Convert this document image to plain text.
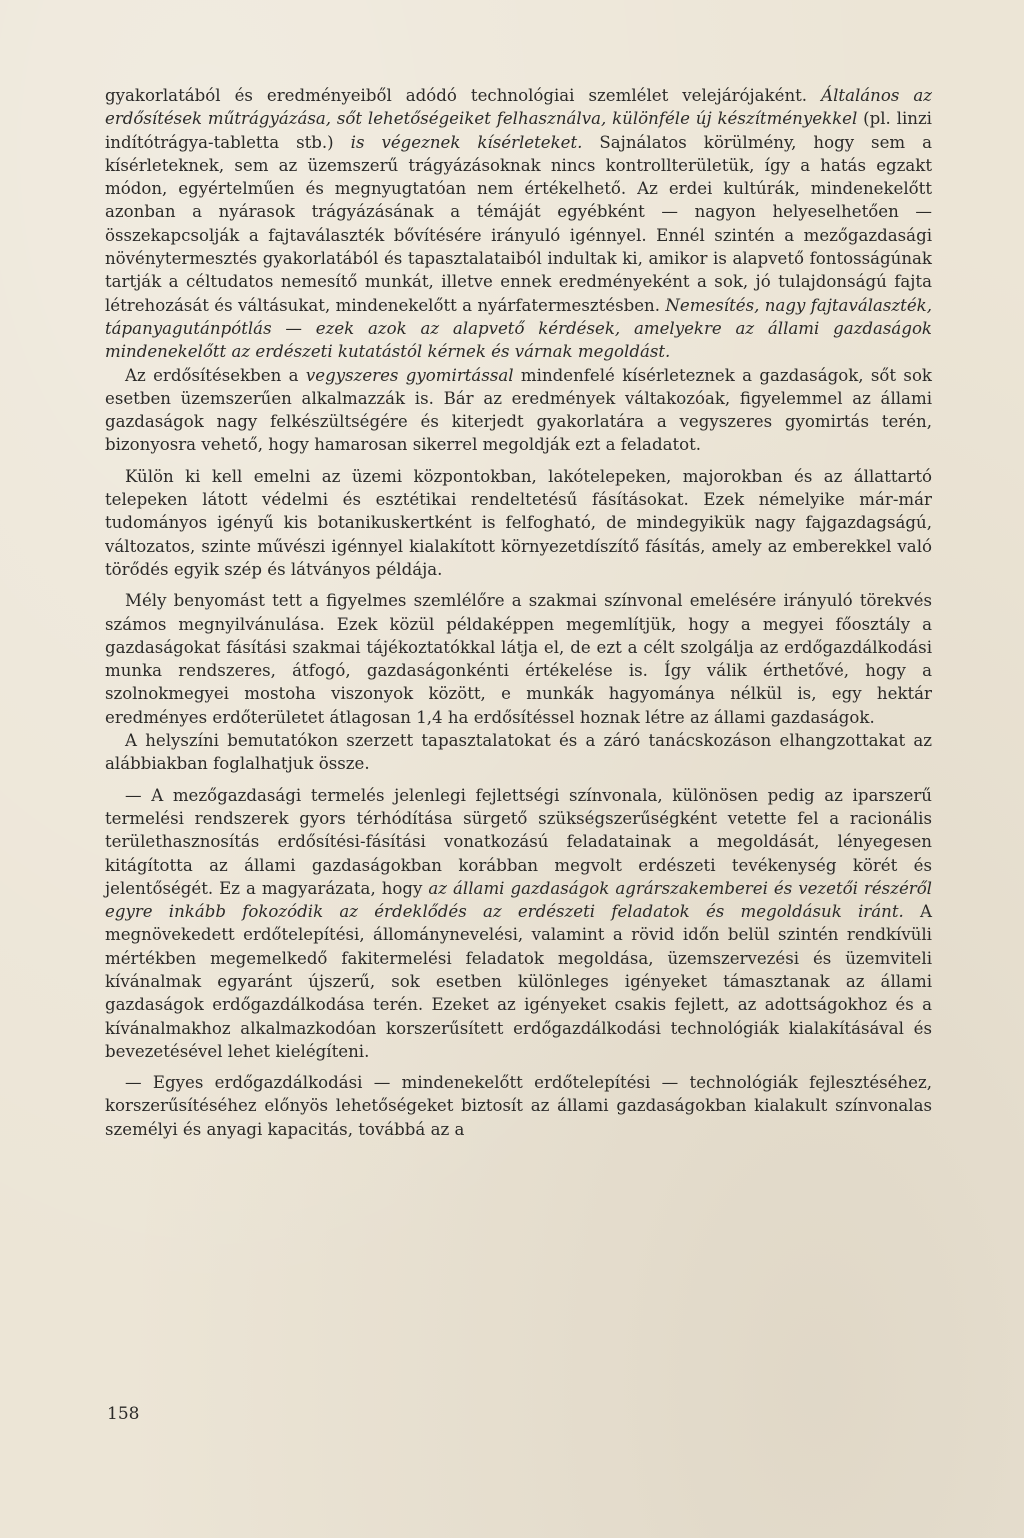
gyakorlatából és eredményeiből adódó technológiai szemlélet velejárójaként. Általános az erdősítések műtrágyázása, sőt lehetőségeiket felhasználva, különféle új készítményekkel (pl. linzi indítótrágya-tabletta stb.) is végeznek kísérleteket. Sajnálatos körülmény, hogy sem a kísérleteknek, sem az üzemszerű trágyázásoknak nincs kontrollterületük, így a hatás egzakt módon, egyértelműen és megnyugtatóan nem értékelhető. Az erdei kultúrák, mindenekelőtt azonban a nyárasok trágyázásának a témáját egyébként — nagyon helyeselhetően — összekapcsolják a fajtaválaszték bővítésére irányuló igénnyel. Ennél szintén a mezőgazdasági növénytermesztés gyakorlatából és tapasztalataiból indultak ki, amikor is alapvető fontosságúnak tartják a céltudatos nemesítő munkát, illetve ennek eredményeként a sok, jó tulajdonságú fajta létrehozását és váltásukat, mindenekelőtt a nyárfatermesztésben. Nemesítés, nagy fajtaválaszték, tápanyagutánpótlás — ezek azok az alapvető kérdések, amelyekre az állami gazdaságok mindenekelőtt az erdészeti kutatástól kérnek és várnak megoldást.

Az erdősítésekben a vegyszeres gyomirtással mindenfelé kísérleteznek a gazdaságok, sőt sok esetben üzemszerűen alkalmazzák is. Bár az eredmények váltakozóak, figyelemmel az állami gazdaságok nagy felkészültségére és kiterjedt gyakorlatára a vegyszeres gyomirtás terén, bizonyosra vehető, hogy hamarosan sikerrel megoldják ezt a feladatot.

Külön ki kell emelni az üzemi központokban, lakótelepeken, majorokban és az állattartó telepeken látott védelmi és esztétikai rendeltetésű fásításokat. Ezek némelyike már-már tudományos igényű kis botanikuskertként is felfogható, de mindegyikük nagy fajgazdagságú, változatos, szinte művészi igénnyel kialakított környezetdíszítő fásítás, amely az emberekkel való törődés egyik szép és látványos példája.

Mély benyomást tett a figyelmes szemlélőre a szakmai színvonal emelésére irányuló törekvés számos megnyilvánulása. Ezek közül példaképpen megemlítjük, hogy a megyei főosztály a gazdaságokat fásítási szakmai tájékoztatókkal látja el, de ezt a célt szolgálja az erdőgazdálkodási munka rendszeres, átfogó, gazdaságonkénti értékelése is. Így válik érthetővé, hogy a szolnokmegyei mostoha viszonyok között, e munkák hagyománya nélkül is, egy hektár eredményes erdőterületet átlagosan 1,4 ha erdősítéssel hoznak létre az állami gazdaságok.

A helyszíni bemutatókon szerzett tapasztalatokat és a záró tanácskozáson elhangzottakat az alábbiakban foglalhatjuk össze.

— A mezőgazdasági termelés jelenlegi fejlettségi színvonala, különösen pedig az iparszerű termelési rendszerek gyors térhódítása sürgető szükségszerűségként vetette fel a racionális területhasznosítás erdősítési-fásítási vonatkozású feladatainak a megoldását, lényegesen kitágította az állami gazdaságokban korábban megvolt erdészeti tevékenység körét és jelentőségét. Ez a magyarázata, hogy az állami gazdaságok agrárszakemberei és vezetői részéről egyre inkább fokozódik az érdeklődés az erdészeti feladatok és megoldásuk iránt. A megnövekedett erdőtelepítési, állománynevelési, valamint a rövid időn belül szintén rendkívüli mértékben megemelkedő fakitermelési feladatok megoldása, üzemszervezési és üzemviteli kívánalmak egyaránt újszerű, sok esetben különleges igényeket támasztanak az állami gazdaságok erdőgazdálkodása terén. Ezeket az igényeket csakis fejlett, az adottságokhoz és a kívánalmakhoz alkalmazkodóan korszerűsített erdőgazdálkodási technológiák kialakításával és bevezetésével lehet kielégíteni.

— Egyes erdőgazdálkodási — mindenekelőtt erdőtelepítési — technológiák fejlesztéséhez, korszerűsítéséhez előnyös lehetőségeket biztosít az állami gazdaságokban kialakult színvonalas személyi és anyagi kapacitás, továbbá az a

158
